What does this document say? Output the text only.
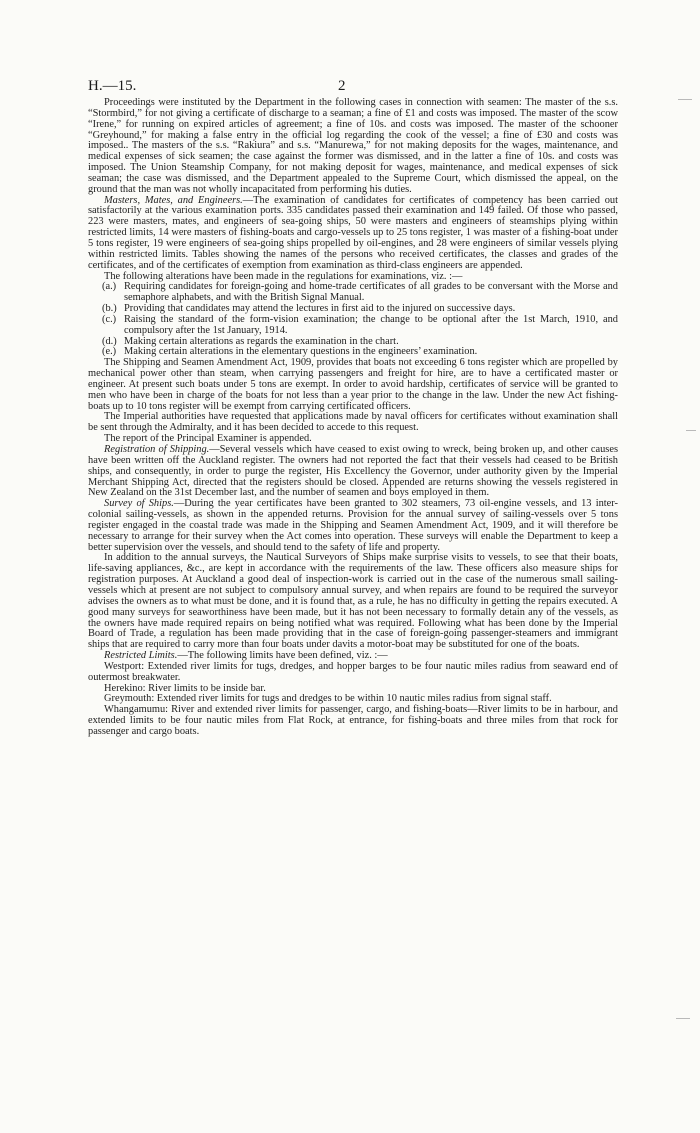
H.—15.	2

Proceedings were instituted by the Department in the following cases in connection with seamen: The master of the s.s. “Stormbird,” for not giving a certificate of discharge to a seaman; a fine of £1 and costs was imposed. The master of the scow “Irene,” for running on expired articles of agreement; a fine of 10s. and costs was imposed. The master of the schooner “Greyhound,” for making a false entry in the official log regarding the cook of the vessel; a fine of £30 and costs was imposed.. The masters of the s.s. “Rakiura” and s.s. “Manurewa,” for not making deposits for the wages, maintenance, and medical expenses of sick seamen; the case against the former was dismissed, and in the latter a fine of 10s. and costs was imposed. The Union Steamship Company, for not making deposit for wages, maintenance, and medical expenses of sick seaman; the case was dismissed, and the Department appealed to the Supreme Court, which dismissed the appeal, on the ground that the man was not wholly incapacitated from performing his duties.

Masters, Mates, and Engineers.—The examination of candidates for certificates of competency has been carried out satisfactorily at the various examination ports. 335 candidates passed their examination and 149 failed. Of those who passed, 223 were masters, mates, and engineers of sea-going ships, 50 were masters and engineers of steamships plying within restricted limits, 14 were masters of fishing-boats and cargo-vessels up to 25 tons register, 1 was master of a fishing-boat under 5 tons register, 19 were engineers of sea-going ships propelled by oil-engines, and 28 were engineers of similar vessels plying within restricted limits. Tables showing the names of the persons who received certificates, the classes and grades of the certificates, and of the certificates of exemption from examination as third-class engineers are appended.

The following alterations have been made in the regulations for examinations, viz. :—

(a.) Requiring candidates for foreign-going and home-trade certificates of all grades to be conversant with the Morse and semaphore alphabets, and with the British Signal Manual.
(b.) Providing that candidates may attend the lectures in first aid to the injured on successive days.
(c.) Raising the standard of the form-vision examination; the change to be optional after the 1st March, 1910, and compulsory after the 1st January, 1914.
(d.) Making certain alterations as regards the examination in the chart.
(e.) Making certain alterations in the elementary questions in the engineers’ examination.

The Shipping and Seamen Amendment Act, 1909, provides that boats not exceeding 6 tons register which are propelled by mechanical power other than steam, when carrying passengers and freight for hire, are to have a certificated master or engineer. At present such boats under 5 tons are exempt. In order to avoid hardship, certificates of service will be granted to men who have been in charge of the boats for not less than a year prior to the change in the law. Under the new Act fishing-boats up to 10 tons register will be exempt from carrying certificated officers.

The Imperial authorities have requested that applications made by naval officers for certificates without examination shall be sent through the Admiralty, and it has been decided to accede to this request.

The report of the Principal Examiner is appended.

Registration of Shipping.—Several vessels which have ceased to exist owing to wreck, being broken up, and other causes have been written off the Auckland register. The owners had not reported the fact that their vessels had ceased to be British ships, and consequently, in order to purge the register, His Excellency the Governor, under authority given by the Imperial Merchant Shipping Act, directed that the registers should be closed. Appended are returns showing the vessels registered in New Zealand on the 31st December last, and the number of seamen and boys employed in them.

Survey of Ships.—During the year certificates have been granted to 302 steamers, 73 oil-engine vessels, and 13 inter-colonial sailing-vessels, as shown in the appended returns. Provision for the annual survey of sailing-vessels over 5 tons register engaged in the coastal trade was made in the Shipping and Seamen Amendment Act, 1909, and it will therefore be necessary to arrange for their survey when the Act comes into operation. These surveys will enable the Department to keep a better supervision over the vessels, and should tend to the safety of life and property.

In addition to the annual surveys, the Nautical Surveyors of Ships make surprise visits to vessels, to see that their boats, life-saving appliances, &c., are kept in accordance with the requirements of the law. These officers also measure ships for registration purposes. At Auckland a good deal of inspection-work is carried out in the case of the numerous small sailing-vessels which at present are not subject to compulsory annual survey, and when repairs are found to be required the surveyor advises the owners as to what must be done, and it is found that, as a rule, he has no difficulty in getting the repairs executed. A good many surveys for seaworthiness have been made, but it has not been necessary to formally detain any of the vessels, as the owners have made required repairs on being notified what was required. Following what has been done by the Imperial Board of Trade, a regulation has been made providing that in the case of foreign-going passenger-steamers and immigrant ships that are required to carry more than four boats under davits a motor-boat may be substituted for one of the boats.

Restricted Limits.—The following limits have been defined, viz. :—

Westport: Extended river limits for tugs, dredges, and hopper barges to be four nautic miles radius from seaward end of outermost breakwater.

Herekino: River limits to be inside bar.

Greymouth: Extended river limits for tugs and dredges to be within 10 nautic miles radius from signal staff.

Whangamumu: River and extended river limits for passenger, cargo, and fishing-boats—River limits to be in harbour, and extended limits to be four nautic miles from Flat Rock, at entrance, for fishing-boats and three miles from that rock for passenger and cargo boats.
